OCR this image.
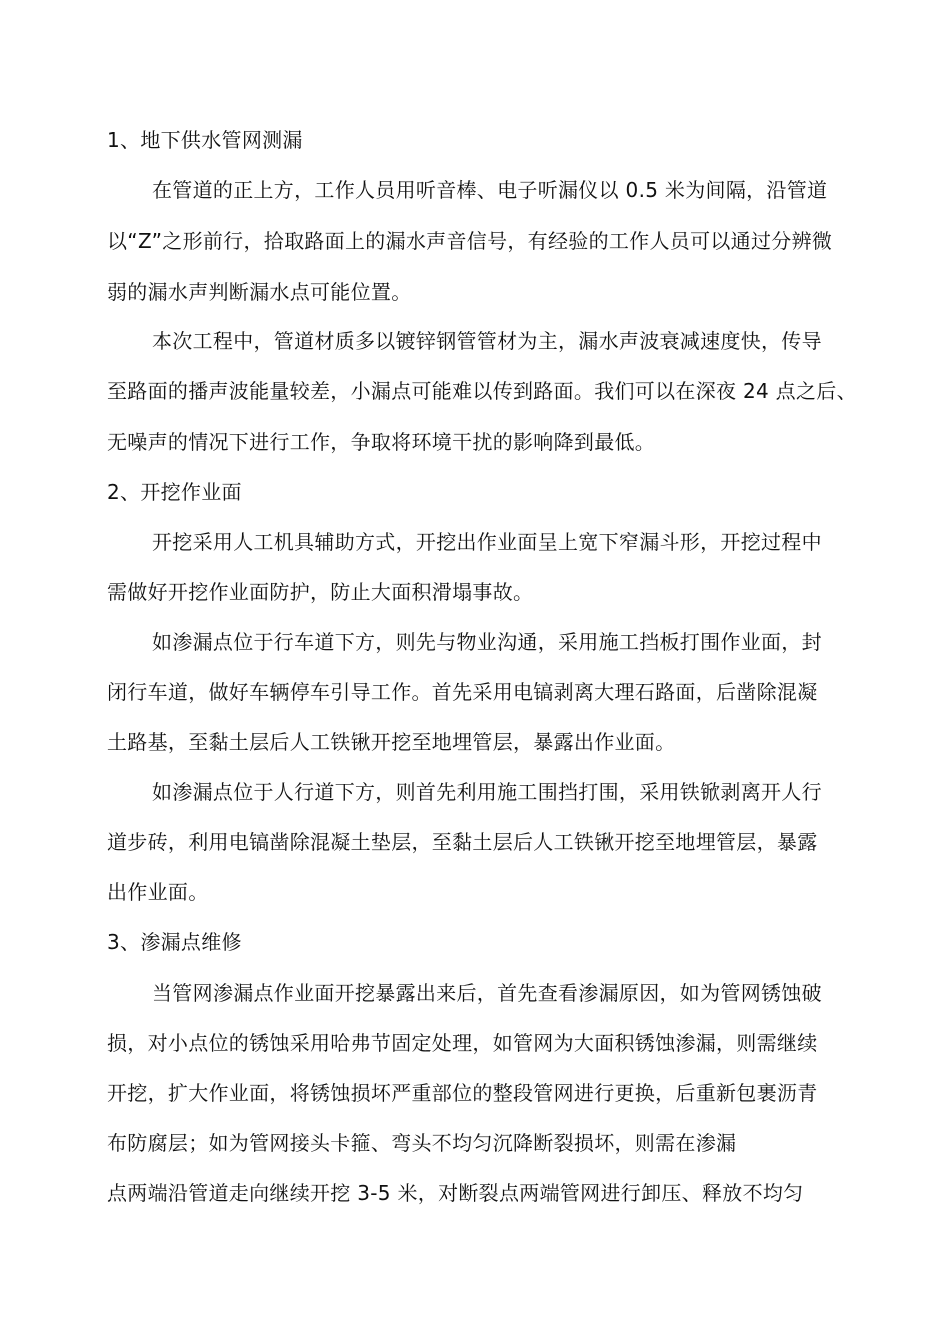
1、地下供水管网测漏
在管道的正上方，工作人员用听音棒、电子听漏仪以 0.5 米为间隔，沿管道
以“Z”之形前行，拾取路面上的漏水声音信号，有经验的工作人员可以通过分辨微
弱的漏水声判断漏水点可能位置。
本次工程中，管道材质多以镀锌钢管管材为主，漏水声波衰减速度快，传导
至路面的播声波能量较差，小漏点可能难以传到路面。我们可以在深夜 24 点之后、
无噪声的情况下进行工作，争取将环境干扰的影响降到最低。
2、开挖作业面
开挖采用人工机具辅助方式，开挖出作业面呈上宽下窄漏斗形，开挖过程中
需做好开挖作业面防护，防止大面积滑塌事故。
如渗漏点位于行车道下方，则先与物业沟通，采用施工挡板打围作业面，封
闭行车道，做好车辆停车引导工作。首先采用电镐剥离大理石路面，后凿除混凝
土路基，至黏土层后人工铁锹开挖至地埋管层，暴露出作业面。
如渗漏点位于人行道下方，则首先利用施工围挡打围，采用铁锨剥离开人行
道步砖，利用电镐凿除混凝土垫层，至黏土层后人工铁锹开挖至地埋管层，暴露
出作业面。
3、渗漏点维修
当管网渗漏点作业面开挖暴露出来后，首先查看渗漏原因，如为管网锈蚀破
损，对小点位的锈蚀采用哈弗节固定处理，如管网为大面积锈蚀渗漏，则需继续
开挖，扩大作业面，将锈蚀损坏严重部位的整段管网进行更换，后重新包裹沥青
布防腐层；如为管网接头卡箍、弯头不均匀沉降断裂损坏，则需在渗漏
点两端沿管道走向继续开挖 3-5 米，对断裂点两端管网进行卸压、释放不均匀
